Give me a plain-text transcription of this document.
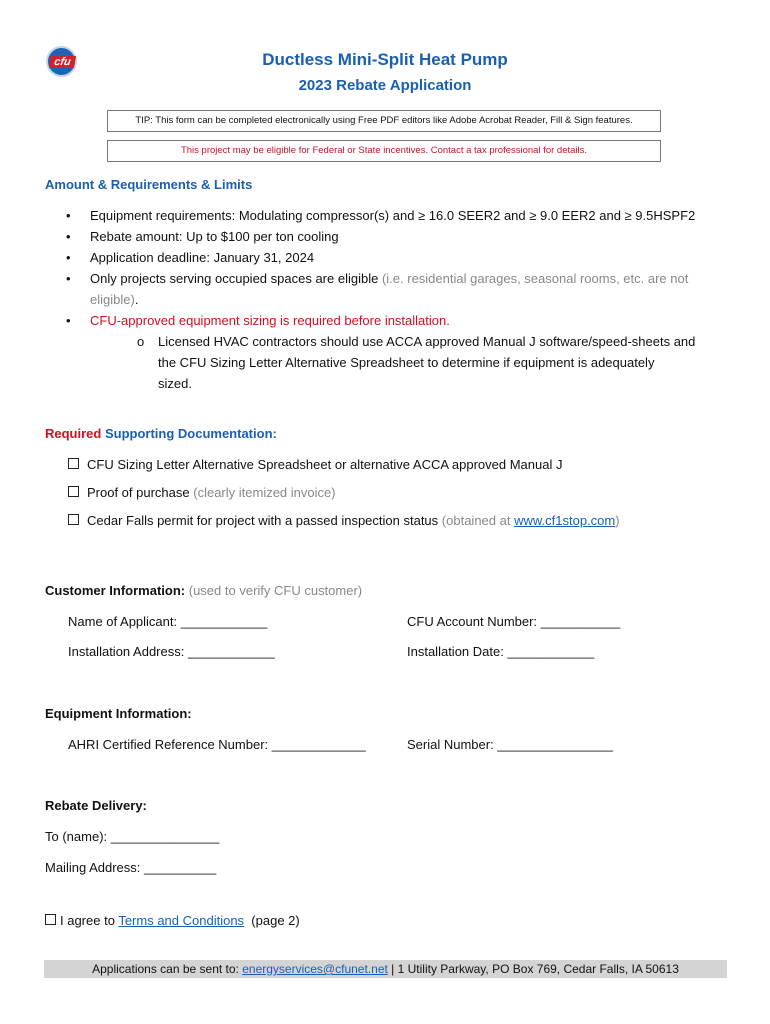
cfu	Ductless Mini-Split Heat Pump
2023 Rebate Application
TIP: This form can be completed electronically using Free PDF editors like Adobe Acrobat Reader, Fill & Sign features.
This project may be eligible for Federal or State incentives. Contact a tax professional for details.
Amount & Requirements & Limits
• Equipment requirements: Modulating compressor(s) and ≥ 16.0 SEER2 and ≥ 9.0 EER2 and ≥ 9.5HSPF2
• Rebate amount: Up to $100 per ton cooling
• Application deadline: January 31, 2024
• Only projects serving occupied spaces are eligible (i.e. residential garages, seasonal rooms, etc. are not
eligible).
• CFU-approved equipment sizing is required before installation.
o Licensed HVAC contractors should use ACCA approved Manual J software/speed-sheets and
the CFU Sizing Letter Alternative Spreadsheet to determine if equipment is adequately
sized.
Required Supporting Documentation:
CFU Sizing Letter Alternative Spreadsheet or alternative ACCA approved Manual J
Proof of purchase (clearly itemized invoice)
Cedar Falls permit for project with a passed inspection status (obtained at www.cf1stop.com)
Customer Information: (used to verify CFU customer)
Name of Applicant: ____________	CFU Account Number: ___________
Installation Address: ____________	Installation Date: ____________
Equipment Information:
AHRI Certified Reference Number: _____________	Serial Number: ________________
Rebate Delivery:
To (name): _______________
Mailing Address: __________
I agree to Terms and Conditions (page 2)
Applications can be sent to: energyservices@cfunet.net | 1 Utility Parkway, PO Box 769, Cedar Falls, IA 50613
